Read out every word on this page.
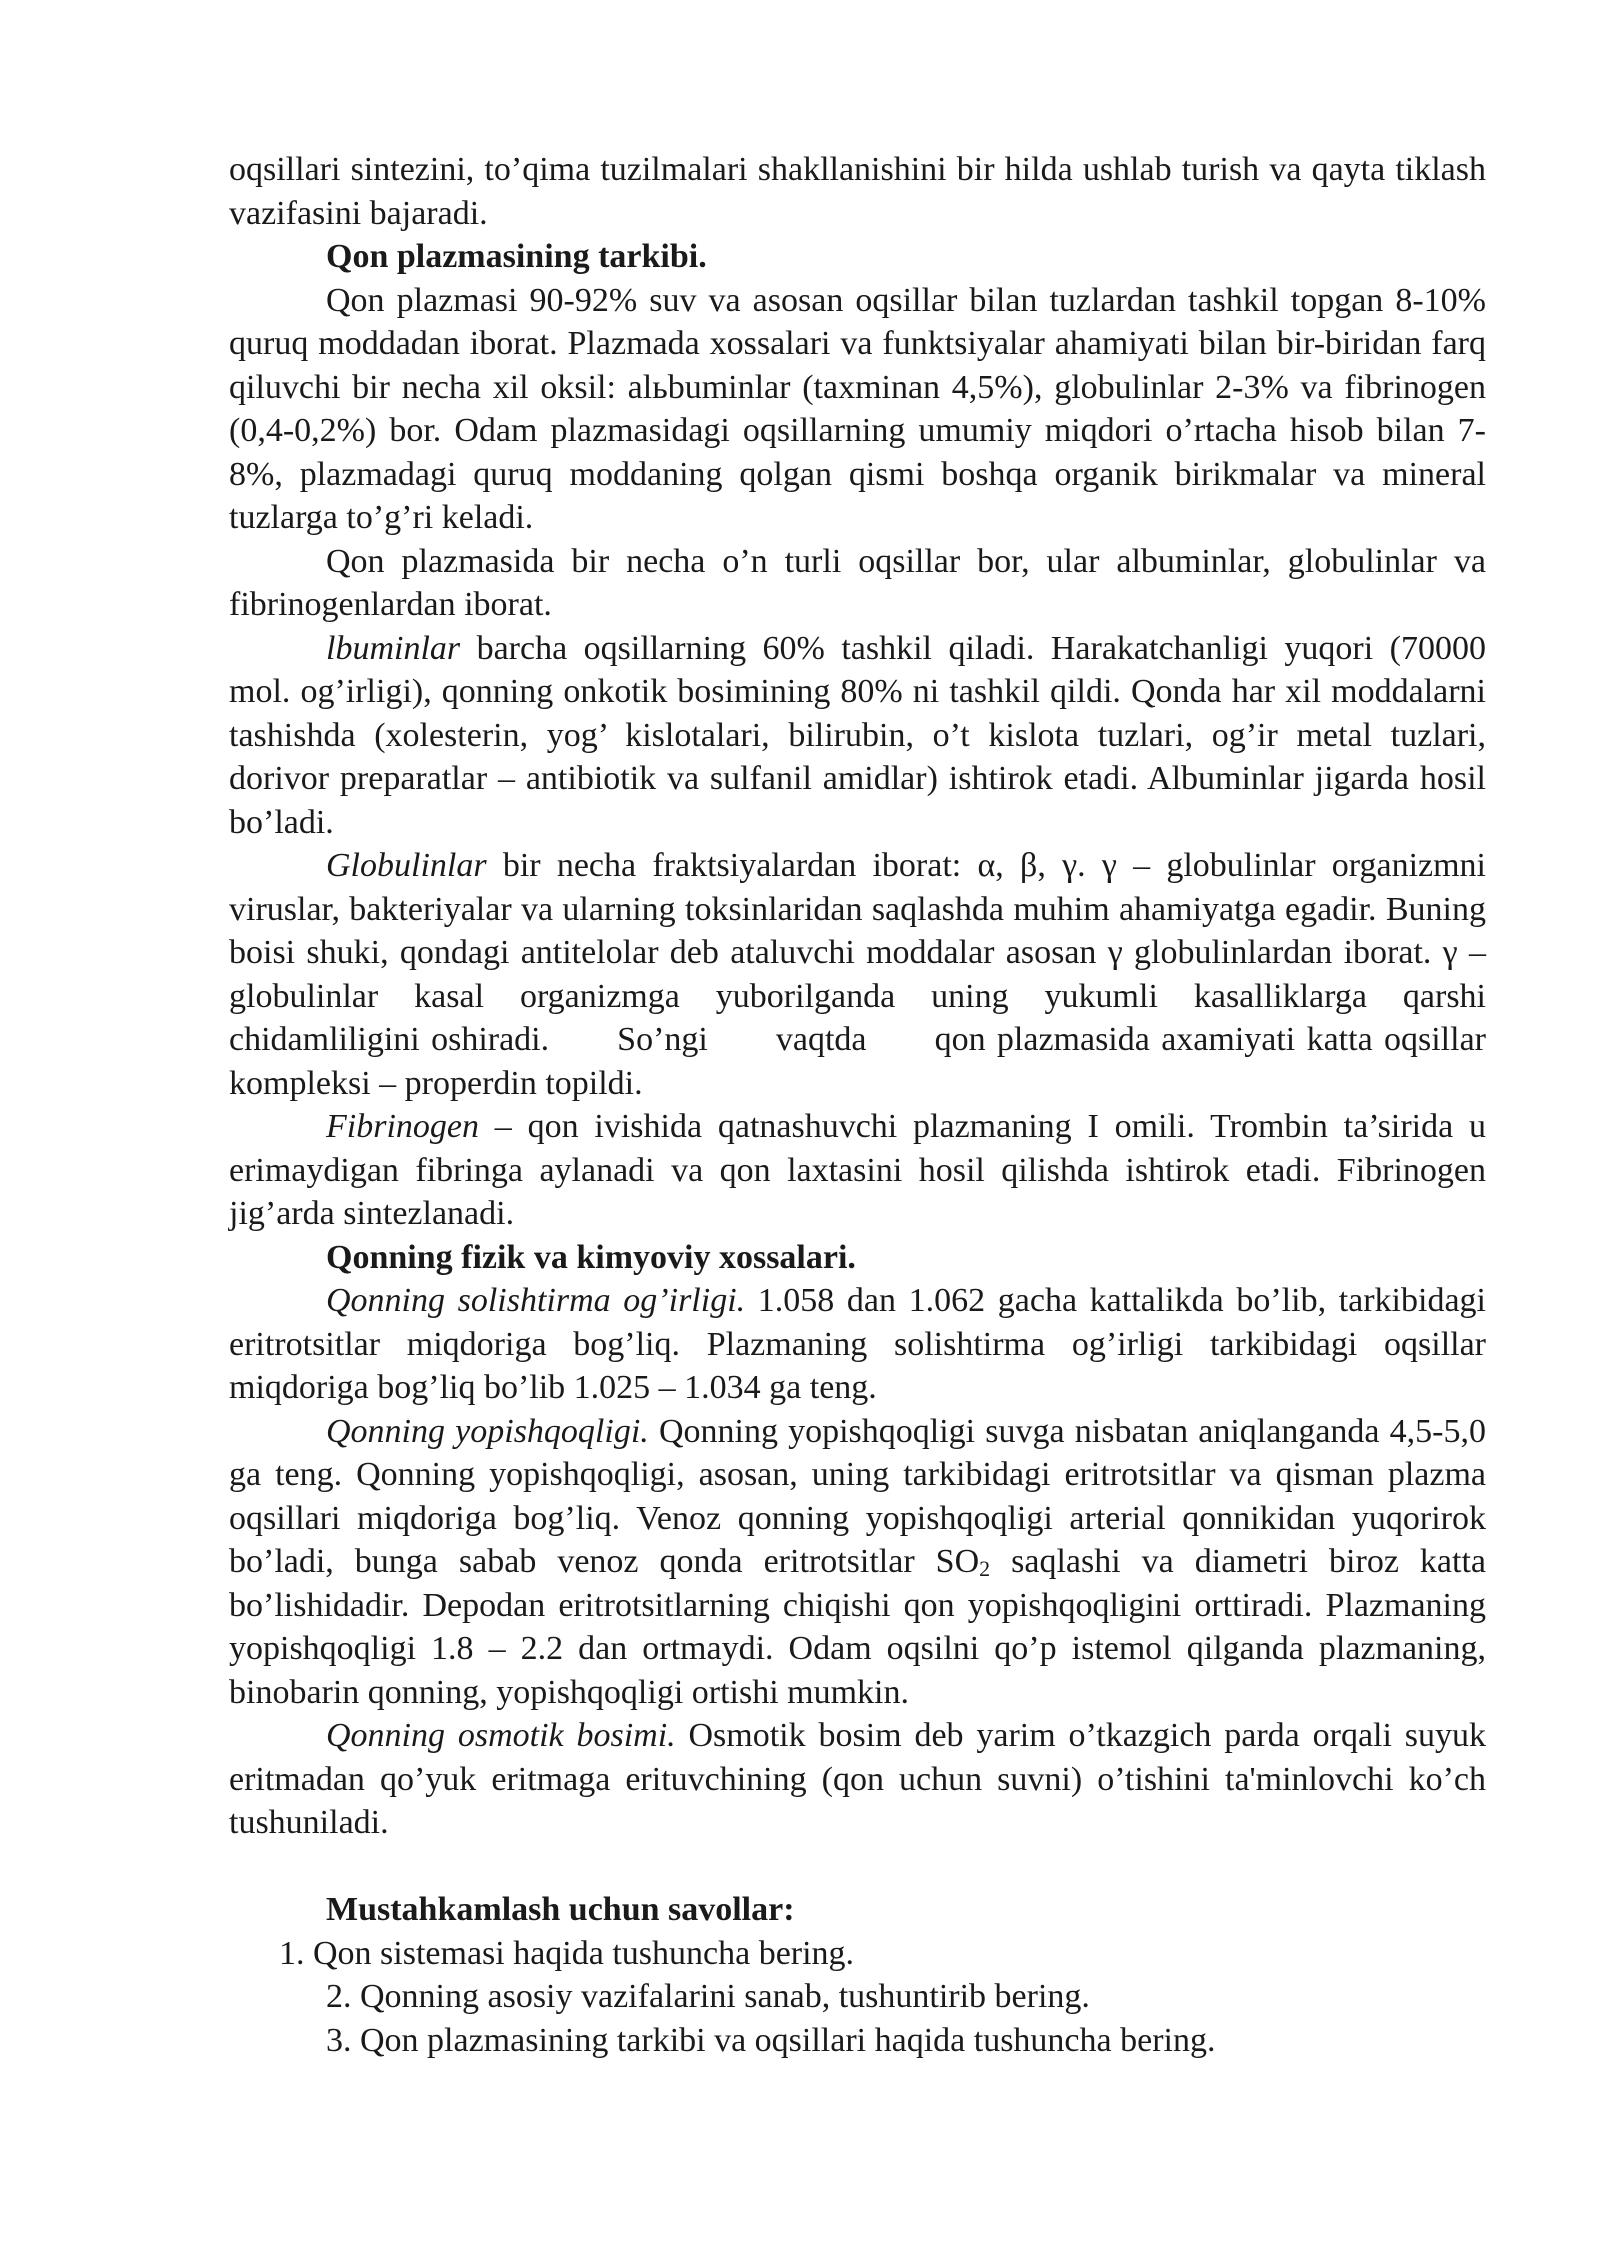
oqsillari sintezini, to’qima tuzilmalari shakllanishini bir hilda ushlab turish va qayta tiklash vazifasini bajaradi.

Qon plazmasining tarkibi.

Qon plazmasi 90-92% suv va asosan oqsillar bilan tuzlardan tashkil topgan 8-10% quruq moddadan iborat. Plazmada xossalari va funktsiyalar ahamiyati bilan bir-biridan farq qiluvchi bir necha xil oksil: alьbuminlar (taxminan 4,5%), globulinlar 2-3% va fibrinogen (0,4-0,2%) bor. Odam plazmasidagi oqsillarning umumiy miqdori o’rtacha hisob bilan 7-8%, plazmadagi quruq moddaning qolgan qismi boshqa organik birikmalar va mineral tuzlarga to’g’ri keladi.

Qon plazmasida bir necha o’n turli oqsillar bor, ular albuminlar, globulinlar va fibrinogenlardan iborat.

lbuminlar barcha oqsillarning 60% tashkil qiladi. Harakatchanligi yuqori (70000 mol. og’irligi), qonning onkotik bosimining 80% ni tashkil qildi. Qonda har xil moddalarni tashishda (xolesterin, yog’ kislotalari, bilirubin, o’t kislota tuzlari, og’ir metal tuzlari, dorivor preparatlar – antibiotik va sulfanil amidlar) ishtirok etadi. Albuminlar jigarda hosil bo’ladi.

Globulinlar bir necha fraktsiyalardan iborat: α, β, γ. γ – globulinlar organizmni viruslar, bakteriyalar va ularning toksinlaridan saqlashda muhim ahamiyatga egadir. Buning boisi shuki, qondagi antitelolar deb ataluvchi moddalar asosan γ globulinlardan iborat. γ – globulinlar kasal organizmga yuborilganda uning yukumli kasalliklarga qarshi chidamliligini oshiradi.      So’ngi      vaqtda      qon plazmasida axamiyati katta oqsillar kompleksi – properdin topildi.

Fibrinogen – qon ivishida qatnashuvchi plazmaning I omili. Trombin ta’sirida u erimaydigan fibringa aylanadi va qon laxtasini hosil qilishda ishtirok etadi. Fibrinogen jig’arda sintezlanadi.

Qonning fizik va kimyoviy xossalari.

Qonning solishtirma og’irligi. 1.058 dan 1.062 gacha kattalikda bo’lib, tarkibidagi eritrotsitlar miqdoriga bog’liq. Plazmaning solishtirma og’irligi tarkibidagi oqsillar miqdoriga bog’liq bo’lib 1.025 – 1.034 ga teng.

Qonning yopishqoqligi. Qonning yopishqoqligi suvga nisbatan aniqlanganda 4,5-5,0 ga teng. Qonning yopishqoqligi, asosan, uning tarkibidagi eritrotsitlar va qisman plazma oqsillari miqdoriga bog’liq. Venoz qonning yopishqoqligi arterial qonnikidan yuqorirok bo’ladi, bunga sabab venoz qonda eritrotsitlar $SO_2$ saqlashi va diametri biroz katta bo’lishidadir. Depodan eritrotsitlarning chiqishi qon yopishqoqligini orttiradi. Plazmaning yopishqoqligi 1.8 – 2.2 dan ortmaydi. Odam oqsilni qo’p istemol qilganda plazmaning, binobarin qonning, yopishqoqligi ortishi mumkin.

Qonning osmotik bosimi. Osmotik bosim deb yarim o’tkazgich parda orqali suyuk eritmadan qo’yuk eritmaga erituvchining (qon uchun suvni) o’tishini ta'minlovchi ko’ch tushuniladi.

Mustahkamlash uchun savollar:

1. Qon sistemasi haqida tushuncha bering.

2. Qonning asosiy vazifalarini sanab, tushuntirib bering.

3. Qon plazmasining tarkibi va oqsillari haqida tushuncha bering.
